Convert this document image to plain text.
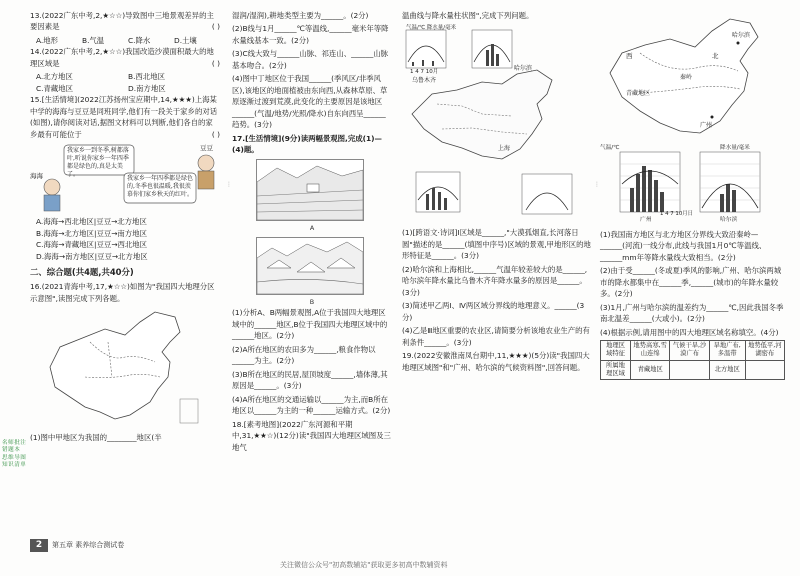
13.(2022广东中考,2,★☆☆)导致图中三地景观差异的主要因素是	( )
A.地形	B.气温	C.降水	D.土壤
14.(2022广东中考,2,★☆☆)我国改造沙漠面积最大的地理区域是	( )
A.北方地区	B.西北地区
C.青藏地区	D.南方地区
15.[生活情境](2022江苏扬州宝应期中,14,★★★)上海某中学的海海与豆豆是同班同学,他们有一段关于家乡的对话(如图),请你阅读对话,据图文材料可以判断,他们各自的家乡最有可能位于	( )
我家乡一到冬季,树都落叶,听说你家乡一年四季都是绿色的,真是太美了。
我家乡一年四季都是绿色的,冬季也很温暖,我很羡慕你们家乡秋天的红叶。
海海
豆豆
A.海海→西北地区|豆豆→北方地区
B.海海→北方地区|豆豆→南方地区
C.海海→青藏地区|豆豆→西北地区
D.海海→南方地区|豆豆→北方地区
二、综合题(共4题,共40分)
16.(2021青海中考,17,★☆☆)如图为"我国四大地理分区示意图",读图完成下列各题。
(1)图中甲地区为我国的________地区(半
湿润/湿润),耕地类型主要为______。(2分)
(2)B线与1月______℃等温线,______毫米年等降水量线基本一致。(2分)
(3)C线大致与______山脉、祁连山、______山脉基本吻合。(2分)
(4)图中丁地区位于我国______(季风区/非季风区),该地区的地面植被由东向西,从森林草原、草原逐渐过渡到荒漠,此变化的主要原因是该地区______(气温/地势/光照/降水)自东向西呈______趋势。(3分)
17.[生活情境](9分)读两幅景观图,完成(1)—(4)题。
A
B
(1)分析A、B两幅景观图,A位于我国四大地理区域中的______地区,B位于我国四大地理区域中的______地区。(2分)
(2)A所在地区的农田多为______,粮食作物以______为主。(2分)
(3)B所在地区的民居,屋顶坡度______,墙体薄,其原因是______。(3分)
(4)A所在地区的交通运输以______为主,而B所在地区以______为主的一种______运输方式。(2分)
18.[素考地图](2022广东河源和平期中,31,★★☆)(12分)读"我国四大地理区域图及三地气
⋮
温曲线与降水量柱状图",完成下列问题。
气温/℃ 降水量/毫米
1 4 7 10月
乌鲁木齐
哈尔滨
上海
(1)[跨语文·诗词]Ⅰ区域是______,"大漠孤烟直,长河落日圆"描述的是______(填图中序号)区域的景观,甲地形区的地形特征是______。(3分)
(2)哈尔滨和上海相比,______气温年较差较大的是______,哈尔滨年降水量比乌鲁木齐年降水量多的原因是______。(3分)
(3)简述甲乙两Ⅰ、Ⅳ两区域分界线的地理意义。______(3分)
(4)乙是Ⅲ地区重要的农业区,请简要分析该地农业生产的有利条件______。(3分)
19.(2022安徽淮南凤台期中,11,★★★)(5分)读"我国四大地理区域图"和"广州、哈尔滨的气候资料图",回答问题。
⋮
西	北
哈尔滨
青藏地区
秦岭
广州
气温/℃	降水量/毫米
广州	哈尔滨
1 4 7 10月日
(1)我国南方地区与北方地区分界线大致沿秦岭—______(河流)一线分布,此线与我国1月0℃等温线、______mm年等降水量线大致相当。(2分)
(2)由于受______(冬或夏)季风的影响,广州、哈尔滨两城市的降水都集中在______季,______(城市)的年降水量较多。(2分)
(3)1月,广州与哈尔滨的温差约为______℃,因此我国冬季南北温差______(大或小)。(2分)
(4)根据示例,请用图中的四大地理区域名称填空。(4分)
地理区域特征	地势高寒,雪山连绵	气候干旱,沙漠广布	旱地广布,多温带	地势低平,河湖密布
所属地理区域	青藏地区		北方地区	
名师批注
错题本
思维导图
知识清单
2	第五章 素养综合测试卷
关注微信公众号"初高数辅站"获取更多初高中数辅资料
